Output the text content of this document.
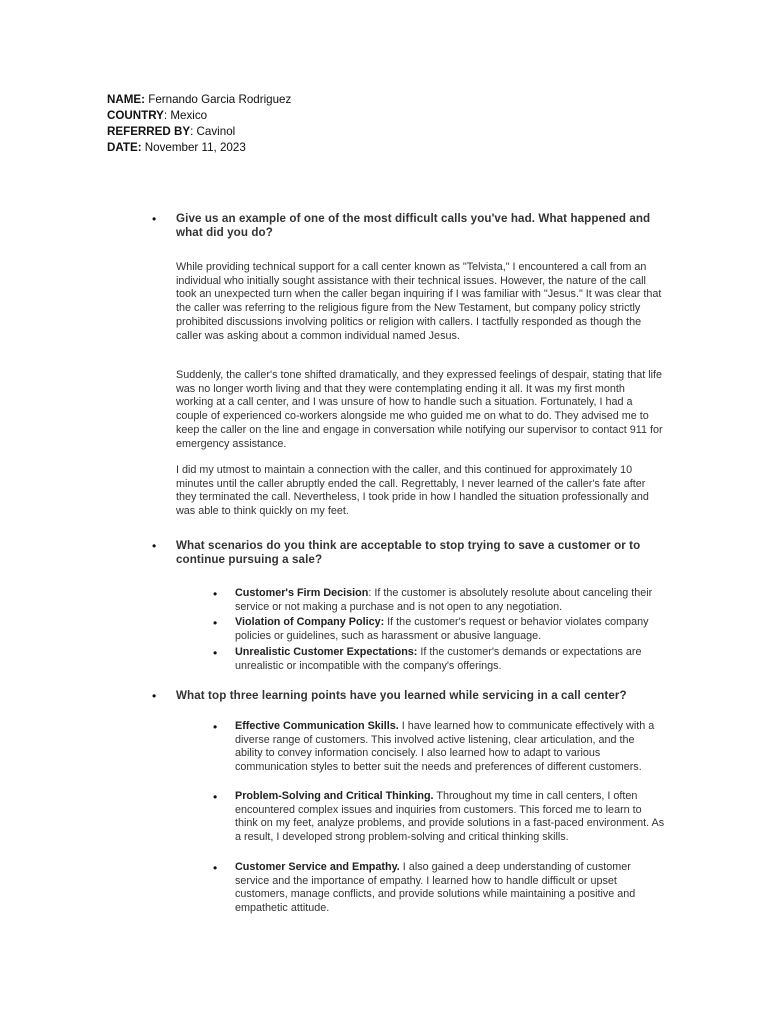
NAME: Fernando Garcia Rodriguez
COUNTRY: Mexico
REFERRED BY: Cavinol
DATE: November 11, 2023
• Give us an example of one of the most difficult calls you've had. What happened and what did you do?
While providing technical support for a call center known as "Telvista," I encountered a call from an individual who initially sought assistance with their technical issues. However, the nature of the call took an unexpected turn when the caller began inquiring if I was familiar with "Jesus." It was clear that the caller was referring to the religious figure from the New Testament, but company policy strictly prohibited discussions involving politics or religion with callers. I tactfully responded as though the caller was asking about a common individual named Jesus.
Suddenly, the caller's tone shifted dramatically, and they expressed feelings of despair, stating that life was no longer worth living and that they were contemplating ending it all. It was my first month working at a call center, and I was unsure of how to handle such a situation. Fortunately, I had a couple of experienced co-workers alongside me who guided me on what to do. They advised me to keep the caller on the line and engage in conversation while notifying our supervisor to contact 911 for emergency assistance.
I did my utmost to maintain a connection with the caller, and this continued for approximately 10 minutes until the caller abruptly ended the call. Regrettably, I never learned of the caller's fate after they terminated the call. Nevertheless, I took pride in how I handled the situation professionally and was able to think quickly on my feet.
• What scenarios do you think are acceptable to stop trying to save a customer or to continue pursuing a sale?
• Customer's Firm Decision: If the customer is absolutely resolute about canceling their service or not making a purchase and is not open to any negotiation.
• Violation of Company Policy: If the customer's request or behavior violates company policies or guidelines, such as harassment or abusive language.
• Unrealistic Customer Expectations: If the customer's demands or expectations are unrealistic or incompatible with the company's offerings.
• What top three learning points have you learned while servicing in a call center?
• Effective Communication Skills. I have learned how to communicate effectively with a diverse range of customers. This involved active listening, clear articulation, and the ability to convey information concisely. I also learned how to adapt to various communication styles to better suit the needs and preferences of different customers.
• Problem-Solving and Critical Thinking. Throughout my time in call centers, I often encountered complex issues and inquiries from customers. This forced me to learn to think on my feet, analyze problems, and provide solutions in a fast-paced environment. As a result, I developed strong problem-solving and critical thinking skills.
• Customer Service and Empathy. I also gained a deep understanding of customer service and the importance of empathy. I learned how to handle difficult or upset customers, manage conflicts, and provide solutions while maintaining a positive and empathetic attitude.
